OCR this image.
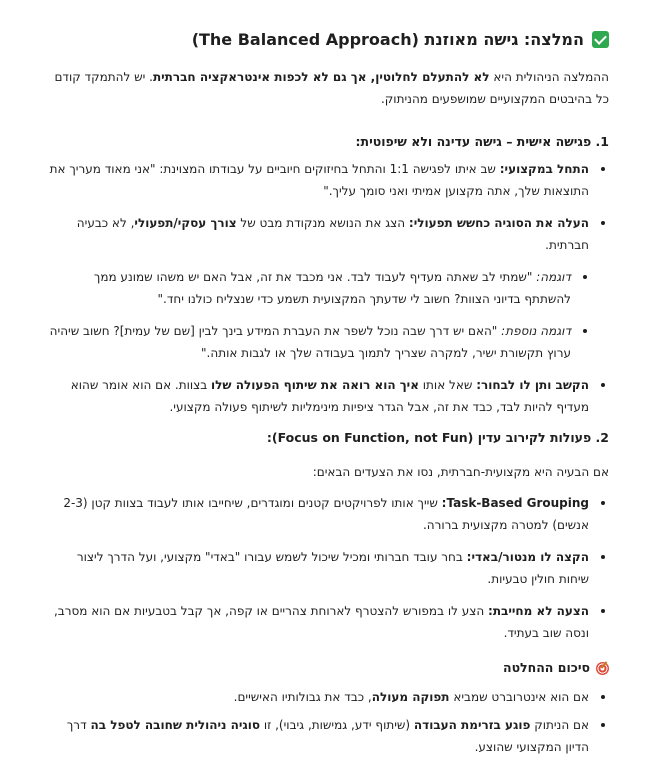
המלצה: גישה מאוזנת (The Balanced Approach)
ההמלצה הניהולית היא לא להתעלם לחלוטין, אך גם לא לכפות אינטראקציה חברתית. יש להתמקד קודם כל בהיבטים המקצועיים שמושפעים מהניתוק.
1. פגישה אישית – גישה עדינה ולא שיפוטית:
התחל במקצועי: שב איתו לפגישה 1:1 והתחל בחיזוקים חיוביים על עבודתו המצוינת: "אני מאוד מעריך את התוצאות שלך, אתה מקצוען אמיתי ואני סומך עליך."
העלה את הסוגיה כחשש תפעולי: הצג את הנושא מנקודת מבט של צורך עסקי/תפעולי, לא כבעיה חברתית.
דוגמה: "שמתי לב שאתה מעדיף לעבוד לבד. אני מכבד את זה, אבל האם יש משהו שמונע ממך להשתתף בדיוני הצוות? חשוב לי שדעתך המקצועית תשמע כדי שנצליח כולנו יחד."
דוגמה נוספת: "האם יש דרך שבה נוכל לשפר את העברת המידע בינך לבין [שם של עמית]? חשוב שיהיה ערוץ תקשורת ישיר, למקרה שצריך לתמוך בעבודה שלך או לגבות אותה."
הקשב ותן לו לבחור: שאל אותו איך הוא רואה את שיתוף הפעולה שלו בצוות. אם הוא אומר שהוא מעדיף להיות לבד, כבד את זה, אבל הגדר ציפיות מינימליות לשיתוף פעולה מקצועי.
2. פעולות לקירוב עדין (Focus on Function, not Fun):
אם הבעיה היא מקצועית-חברתית, נסו את הצעדים הבאים:
Task-Based Grouping: שייך אותו לפרויקטים קטנים ומוגדרים, שיחייבו אותו לעבוד בצוות קטן (2-3 אנשים) למטרה מקצועית ברורה.
הקצה לו מנטור/באדי: בחר עובד חברותי ומכיל שיכול לשמש עבורו "באדי" מקצועי, ועל הדרך ליצור שיחות חולין טבעיות.
הצעה לא מחייבת: הצע לו במפורש להצטרף לארוחת צהריים או קפה, אך קבל בטבעיות אם הוא מסרב, ונסה שוב בעתיד.
סיכום ההחלטה
אם הוא אינטרוברט שמביא תפוקה מעולה, כבד את גבולותיו האישיים.
אם הניתוק פוגע בזרימת העבודה (שיתוף ידע, גמישות, גיבוי), זו סוגיה ניהולית שחובה לטפל בה דרך הדיון המקצועי שהוצע.
